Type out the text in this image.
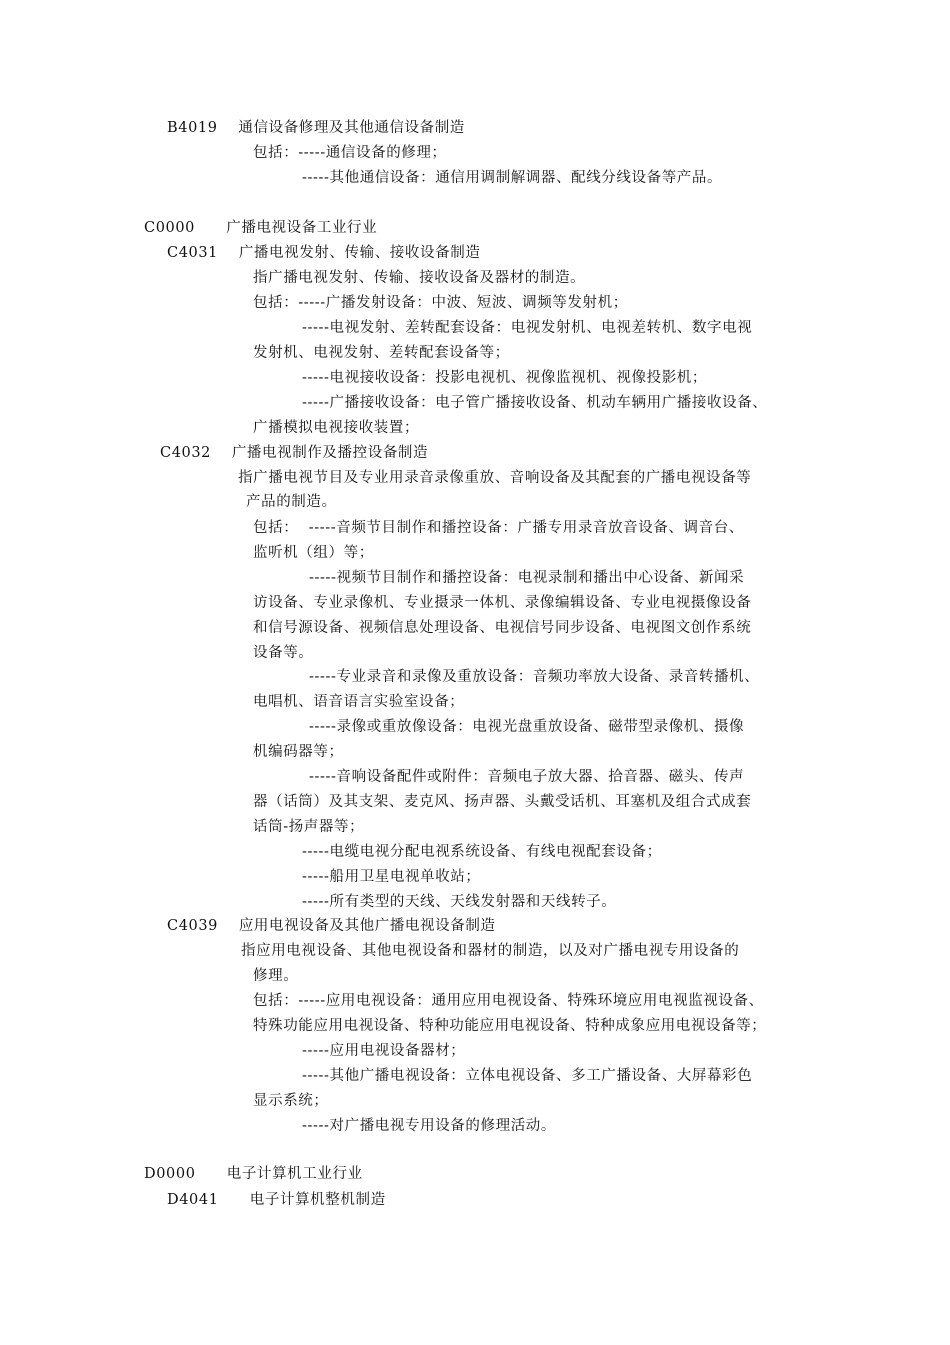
B4019    通信设备修理及其他通信设备制造
包括：-----通信设备的修理；
-----其他通信设备：通信用调制解调器、配线分线设备等产品。
C0000      广播电视设备工业行业
C4031    广播电视发射、传输、接收设备制造
指广播电视发射、传输、接收设备及器材的制造。
包括：-----广播发射设备：中波、短波、调频等发射机；
-----电视发射、差转配套设备：电视发射机、电视差转机、数字电视
发射机、电视发射、差转配套设备等；
-----电视接收设备：投影电视机、视像监视机、视像投影机；
-----广播接收设备：电子管广播接收设备、机动车辆用广播接收设备、
广播模拟电视接收装置；
C4032    广播电视制作及播控设备制造
指广播电视节目及专业用录音录像重放、音响设备及其配套的广播电视设备等
产品的制造。
包括：  -----音频节目制作和播控设备：广播专用录音放音设备、调音台、
监听机（组）等；
-----视频节目制作和播控设备：电视录制和播出中心设备、新闻采
访设备、专业录像机、专业摄录一体机、录像编辑设备、专业电视摄像设备
和信号源设备、视频信息处理设备、电视信号同步设备、电视图文创作系统
设备等。
-----专业录音和录像及重放设备：音频功率放大设备、录音转播机、
电唱机、语音语言实验室设备；
-----录像或重放像设备：电视光盘重放设备、磁带型录像机、摄像
机编码器等；
-----音响设备配件或附件：音频电子放大器、拾音器、磁头、传声
器（话筒）及其支架、麦克风、扬声器、头戴受话机、耳塞机及组合式成套
话筒-扬声器等；
-----电缆电视分配电视系统设备、有线电视配套设备；
-----船用卫星电视单收站；
-----所有类型的天线、天线发射器和天线转子。
C4039    应用电视设备及其他广播电视设备制造
指应用电视设备、其他电视设备和器材的制造，以及对广播电视专用设备的
修理。
包括：-----应用电视设备：通用应用电视设备、特殊环境应用电视监视设备、
特殊功能应用电视设备、特种功能应用电视设备、特种成象应用电视设备等；
-----应用电视设备器材；
-----其他广播电视设备：立体电视设备、多工广播设备、大屏幕彩色
显示系统；
-----对广播电视专用设备的修理活动。
D0000      电子计算机工业行业
D4041      电子计算机整机制造
